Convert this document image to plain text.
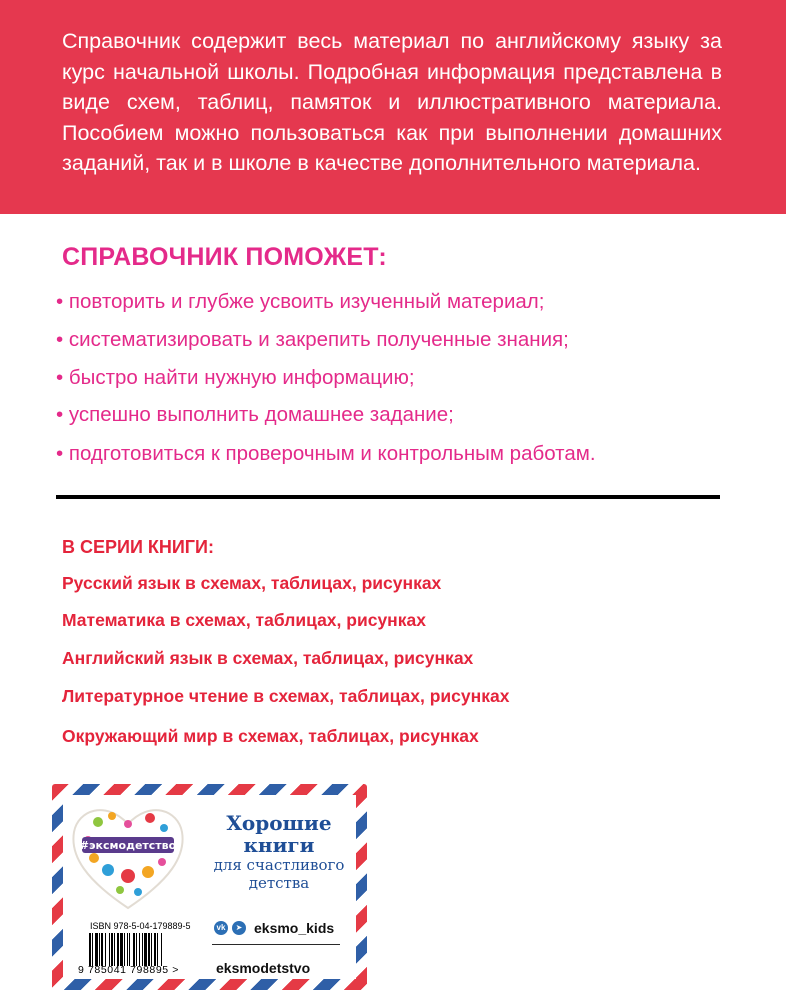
Справочник содержит весь материал по английскому языку за курс начальной школы. Подробная информация представлена в виде схем, таблиц, памяток и иллюстративного материала. Пособием можно пользоваться как при выполнении домашних заданий, так и в школе в качестве дополнительного материала.

СПРАВОЧНИК ПОМОЖЕТ:
• повторить и глубже усвоить изученный материал;
• систематизировать и закрепить полученные знания;
• быстро найти нужную информацию;
• успешно выполнить домашнее задание;
• подготовиться к проверочным и контрольным работам.
В СЕРИИ КНИГИ:
Русский язык в схемах, таблицах, рисунках
Математика в схемах, таблицах, рисунках
Английский язык в схемах, таблицах, рисунках
Литературное чтение в схемах, таблицах, рисунках
Окружающий мир в схемах, таблицах, рисунках
#эксмодетство
Хорошие
книги
для счастливого
детства
ISBN 978-5-04-179889-5
9 785041 798895 >
vk	➤ eksmo_kids
eksmodetstvo
